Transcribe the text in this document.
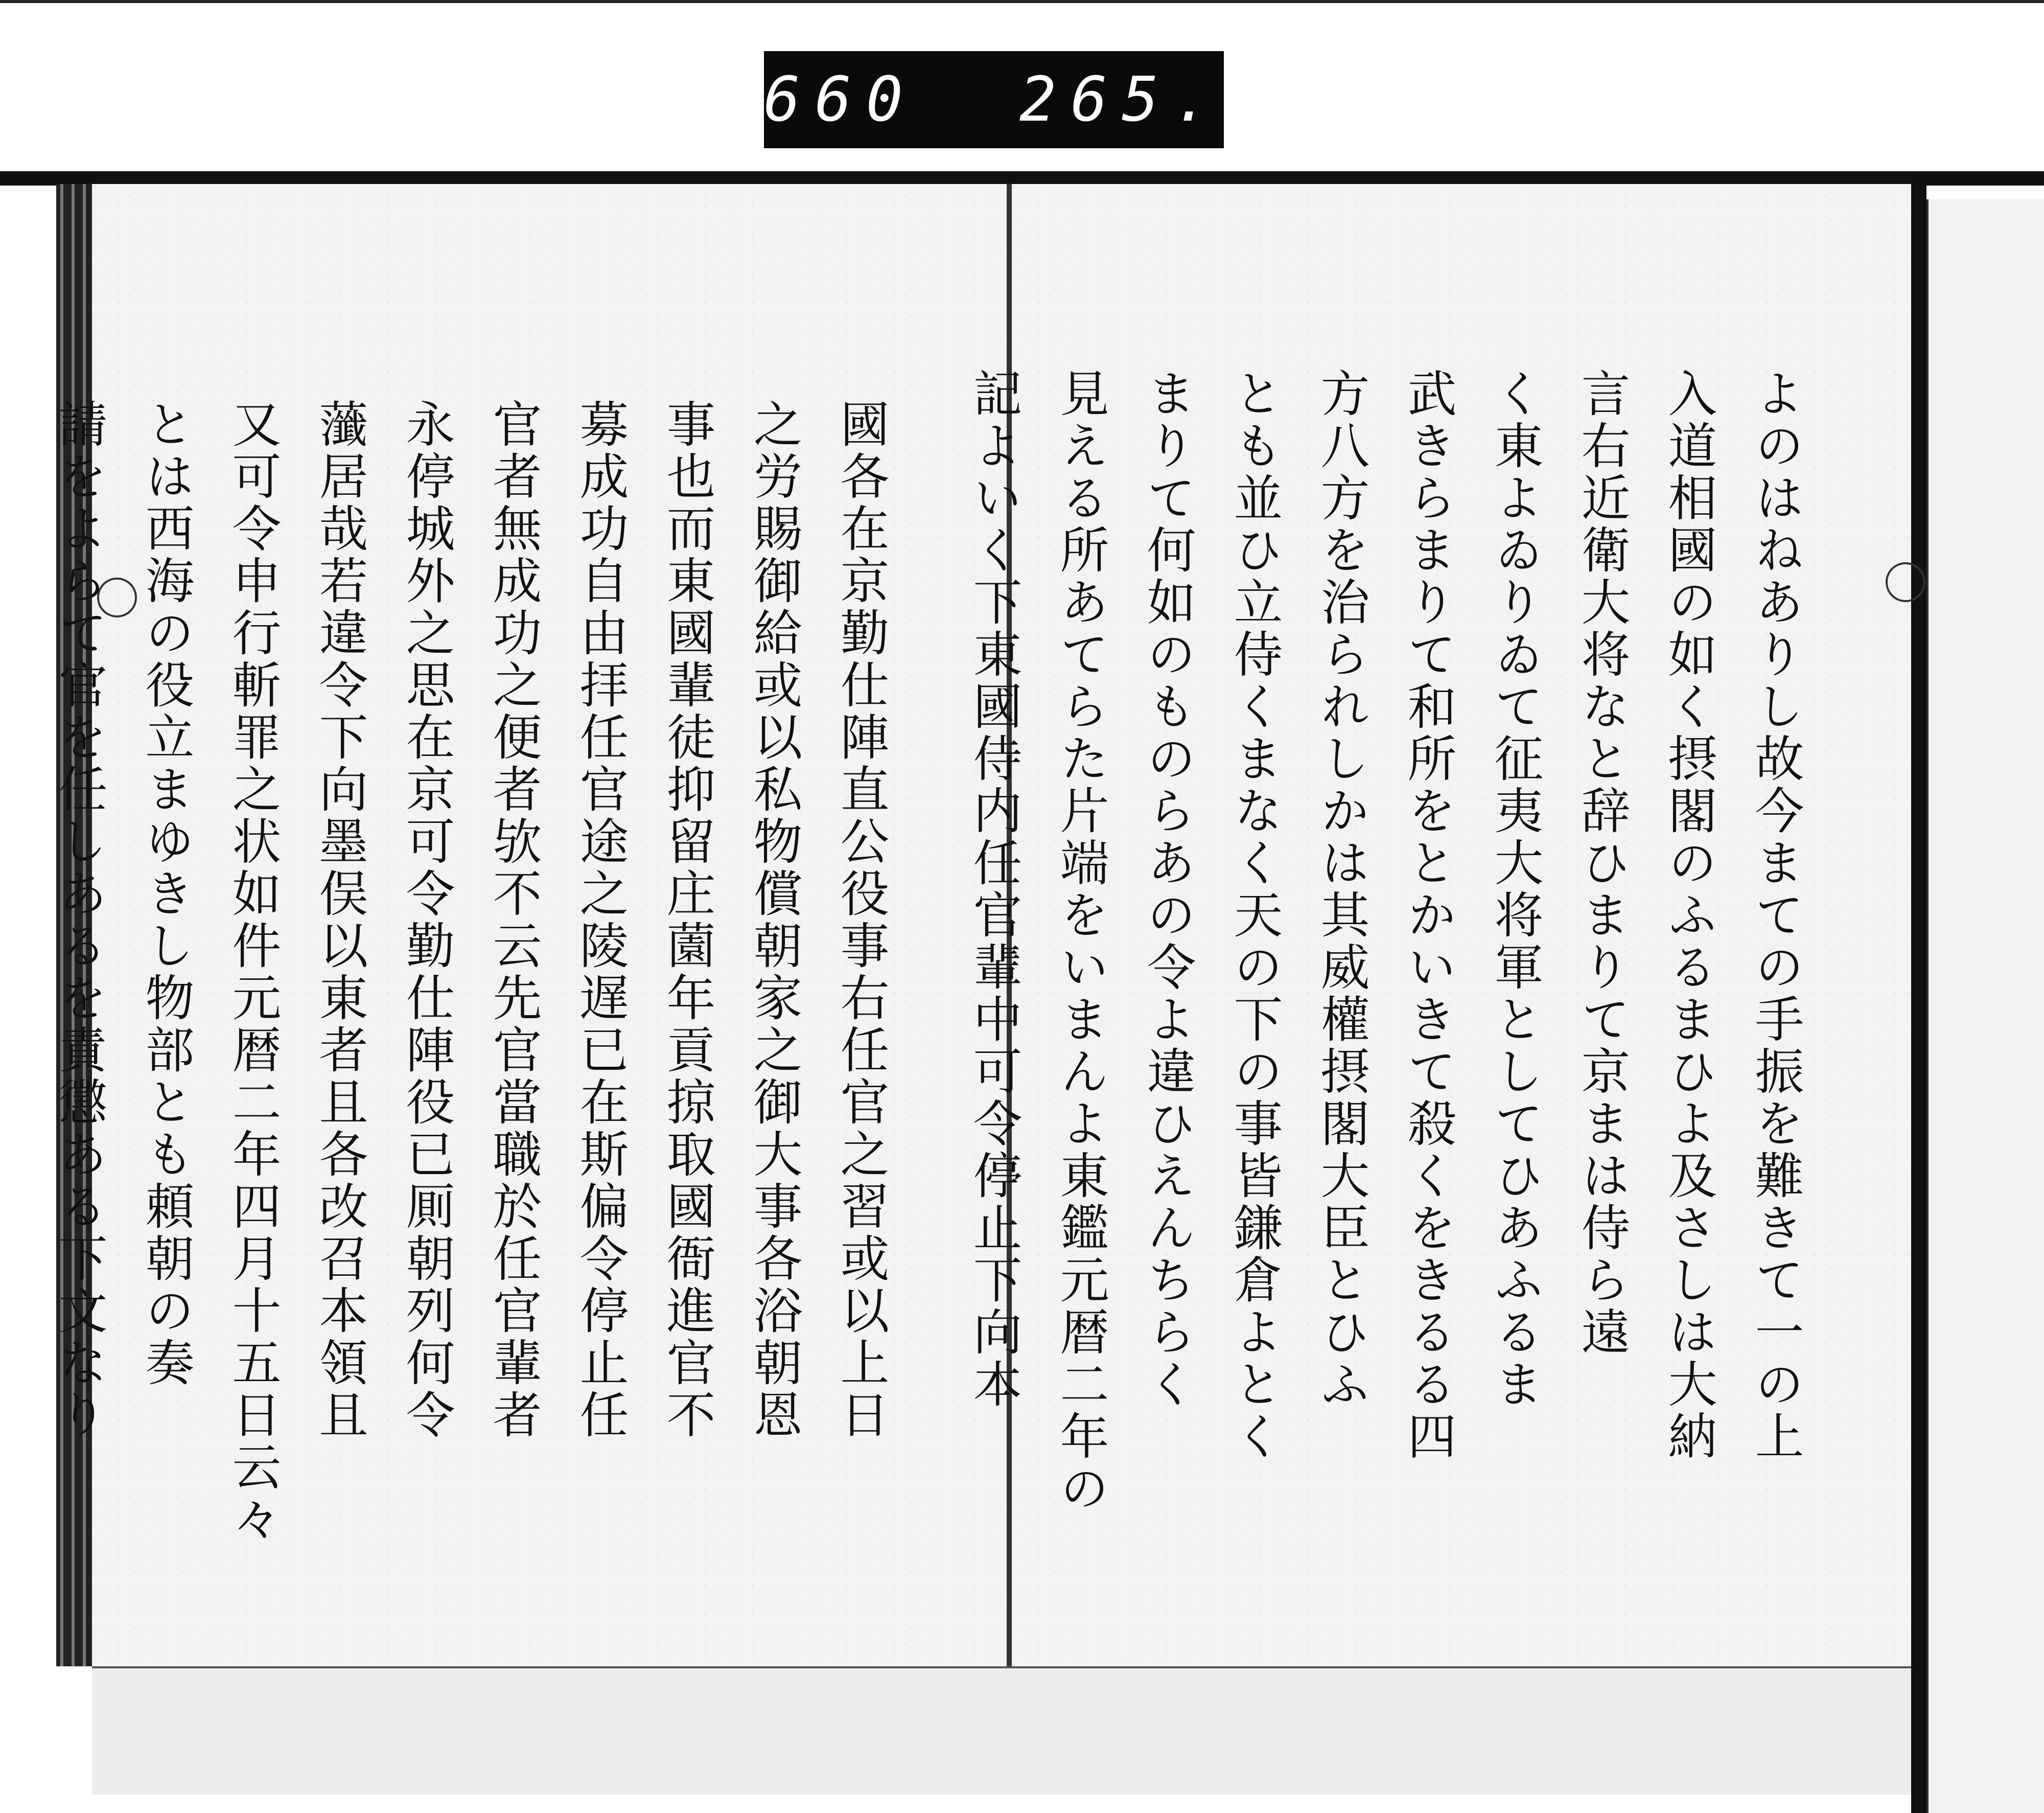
660 265.
國各在京勤仕陣直公役事右任官之習或以上日
之労賜御給或以私物償朝家之御大事各浴朝恩
事也而東國輩徒抑留庄薗年貢掠取國衙進官不
募成功自由拝任官途之陵遅已在斯偏令停止任
官者無成功之便者欤不云先官當職於任官輩者
永停城外之思在京可令勤仕陣役已厠朝列何令
虃居哉若違令下向墨俣以東者且各改召本領且
又可令申行斬罪之状如件元暦二年四月十五日云々
とは西海の役立まゆきし物部とも頼朝の奏
請をよらて官を任しあるを責懲ある下文なり	よのはねありし故今まての手振を難きて一の上
入道相國の如く摂閣のふるまひよ及さしは大納
言右近衛大将なと辞ひまりて京まは侍ら遠
く東よゐりゐて征夷大将軍としてひあふるま
武きらまりて和所をとかいきて殺くをきるる四
方八方を治られしかは其威權摂閣大臣とひふ
とも並ひ立侍くまなく天の下の事皆鎌倉よとく
まりて何如のものらあの令よ違ひえんちらく
見える所あてらた片端をいまんよ東鑑元暦二年の
記よいく下東國侍内任官輩中可令停止下向本
